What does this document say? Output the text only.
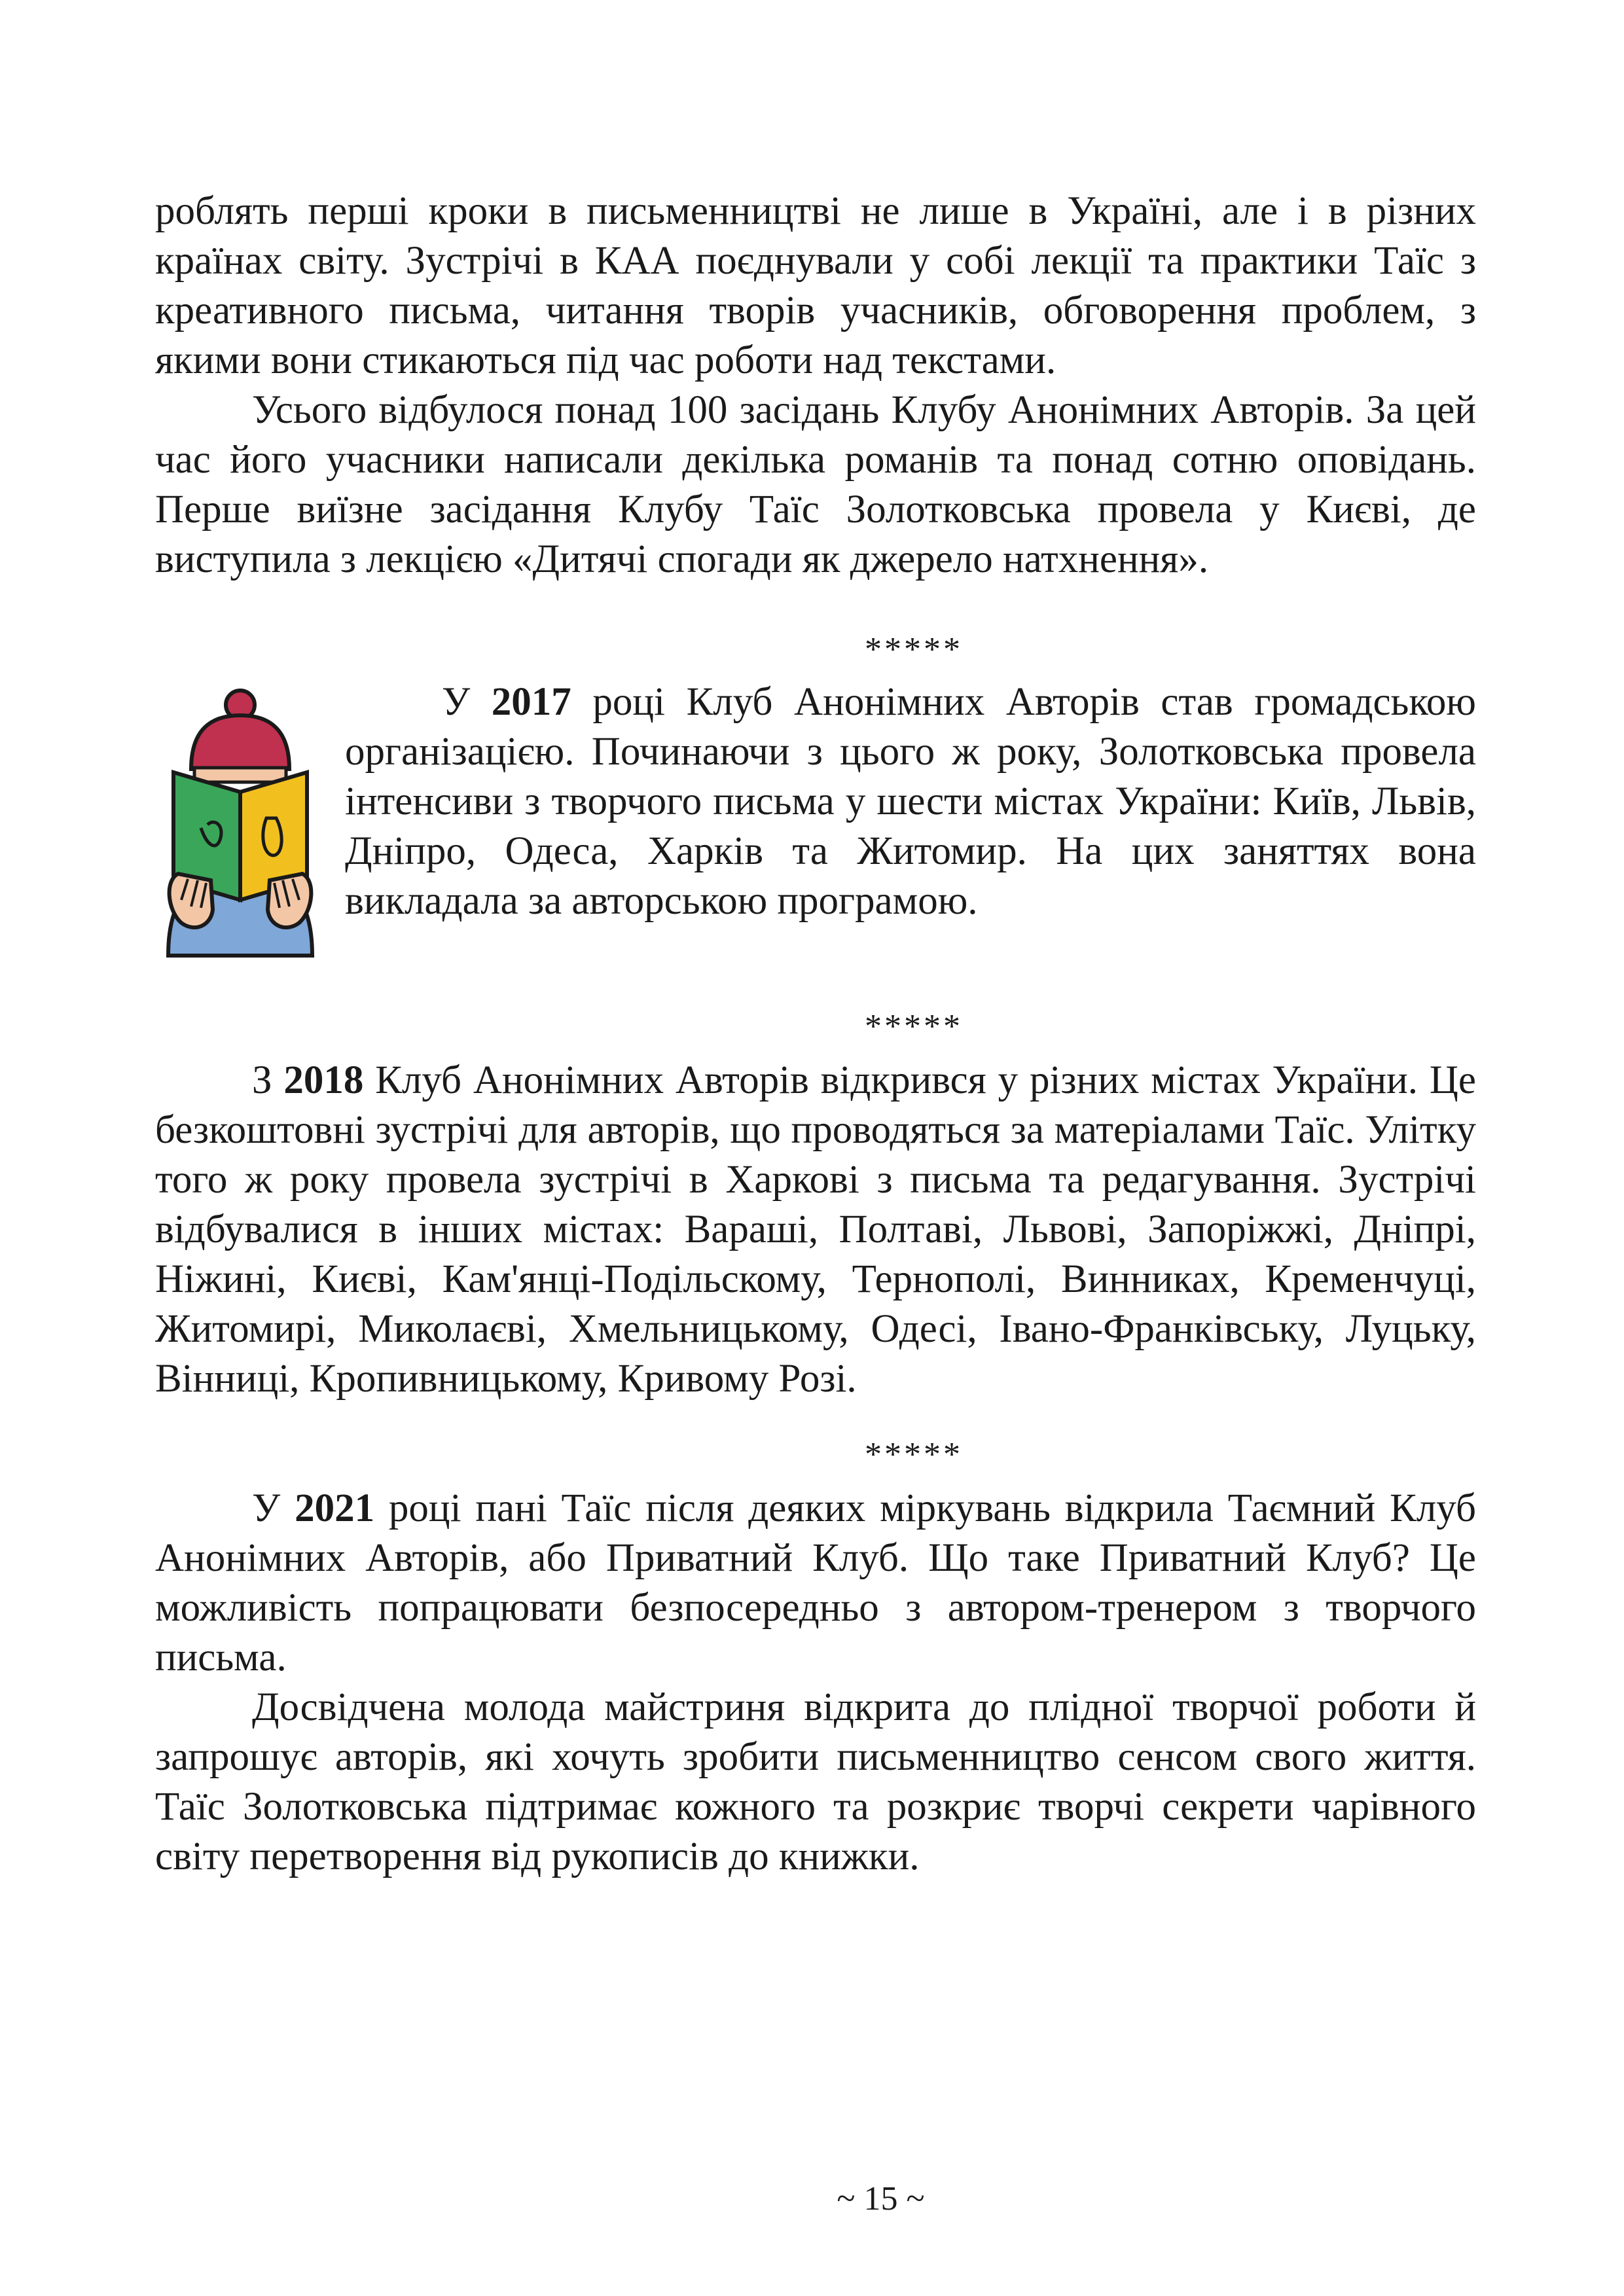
роблять перші кроки в письменництві не лише в Україні, але і в різних країнах світу. Зустрічі в КАА поєднували у собі лекції та практики Таїс з креативного письма, читання творів учасників, обговорення проблем, з якими вони стикаються під час роботи над текстами.

Усього відбулося понад 100 засідань Клубу Анонімних Авторів. За цей час його учасники написали декілька романів та понад сотню оповідань. Перше виїзне засідання Клубу Таїс Золотковська провела у Києві, де виступила з лекцією «Дитячі спогади як джерело натхнення».

*****

У 2017 році Клуб Анонімних Авторів став громадською організацією. Починаючи з цього ж року, Золотковська провела інтенсиви з творчого письма у шести містах України: Київ, Львів, Дніпро, Одеса, Харків та Житомир. На цих заняттях вона викладала за авторською програмою.

*****

З 2018 Клуб Анонімних Авторів відкрився у різних містах України. Це безкоштовні зустрічі для авторів, що проводяться за матеріалами Таїс. Улітку того ж року провела зустрічі в Харкові з письма та редагування. Зустрічі відбувалися в інших містах: Вараші, Полтаві, Львові, Запоріжжі, Дніпрі, Ніжині, Києві, Кам'янці-Подільскому, Тернополі, Винниках, Кременчуці, Житомирі, Миколаєві, Хмельницькому, Одесі, Івано-Франківську, Луцьку, Вінниці, Кропивницькому, Кривому Розі.

*****

У 2021 році пані Таїс після деяких міркувань відкрила Таємний Клуб Анонімних Авторів, або Приватний Клуб. Що таке Приватний Клуб? Це можливість попрацювати безпосередньо з автором-тренером з творчого письма.

Досвідчена молода майстриня відкрита до плідної творчої роботи й запрошує авторів, які хочуть зробити письменництво сенсом свого життя. Таїс Золотковська підтримає кожного та розкриє творчі секрети чарівного світу перетворення від рукописів до книжки.

~ 15 ~
